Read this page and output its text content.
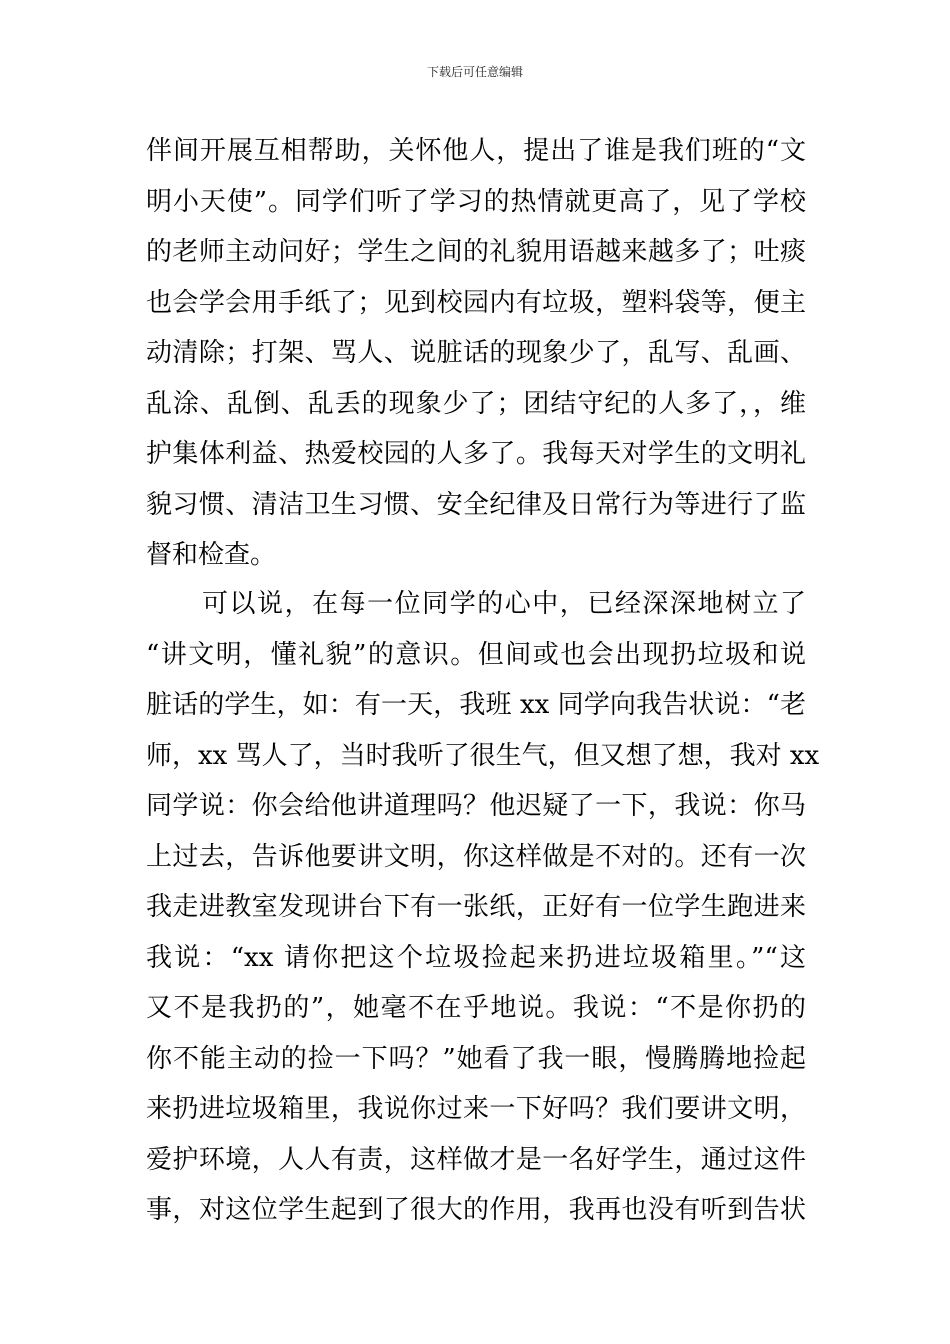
下载后可任意编辑
伴间开展互相帮助，关怀他人，提出了谁是我们班的“文
明小天使”。同学们听了学习的热情就更高了，见了学校
的老师主动问好；学生之间的礼貌用语越来越多了；吐痰
也会学会用手纸了；见到校园内有垃圾，塑料袋等，便主
动清除；打架、骂人、说脏话的现象少了，乱写、乱画、
乱涂、乱倒、乱丢的现象少了；团结守纪的人多了，，维
护集体利益、热爱校园的人多了。我每天对学生的文明礼
貌习惯、清洁卫生习惯、安全纪律及日常行为等进行了监
督和检查。
可以说，在每一位同学的心中，已经深深地树立了
“讲文明，懂礼貌”的意识。但间或也会出现扔垃圾和说
脏话的学生，如：有一天，我班 xx 同学向我告状说：“老
师，xx 骂人了，当时我听了很生气，但又想了想，我对 xx
同学说：你会给他讲道理吗？他迟疑了一下，我说：你马
上过去，告诉他要讲文明，你这样做是不对的。还有一次
我走进教室发现讲台下有一张纸，正好有一位学生跑进来
我说：“xx 请你把这个垃圾捡起来扔进垃圾箱里。”“这
又不是我扔的”，她毫不在乎地说。我说：“不是你扔的
你不能主动的捡一下吗？”她看了我一眼，慢腾腾地捡起
来扔进垃圾箱里，我说你过来一下好吗？我们要讲文明，
爱护环境，人人有责，这样做才是一名好学生，通过这件
事，对这位学生起到了很大的作用，我再也没有听到告状
